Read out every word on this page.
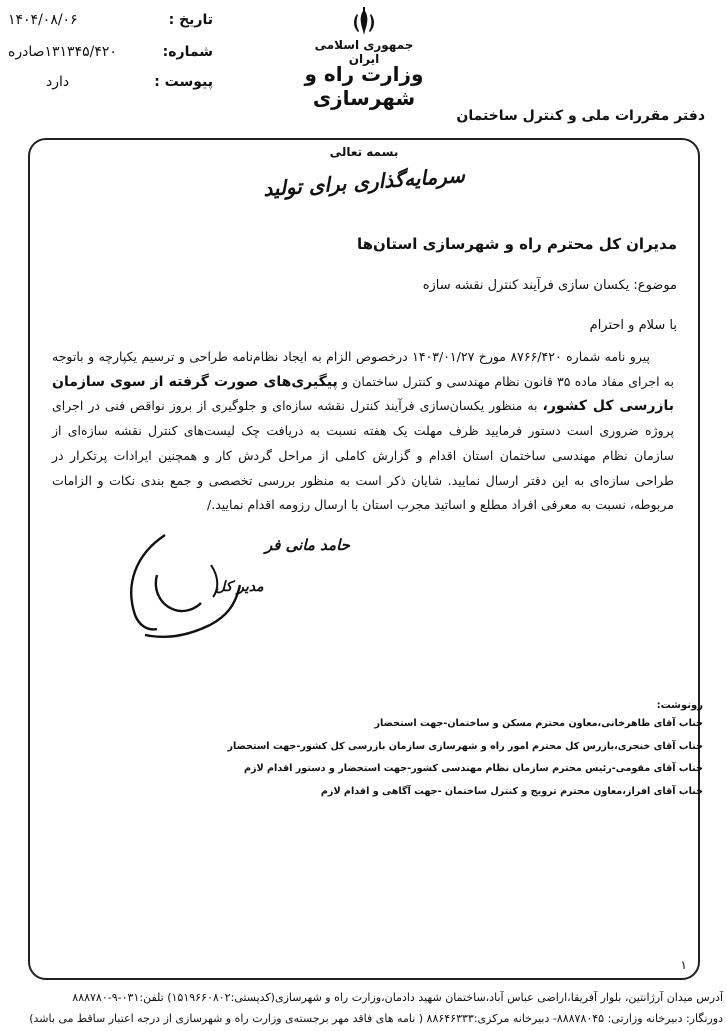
تاریخ :
۱۴۰۴/۰۸/۰۶
شماره:
۱۳۱۳۴۵/۴۲۰صادره
پیوست :
دارد
جمهوری اسلامی ایران
وزارت راه و شهرسازی
دفتر مقررات ملی و کنترل ساختمان
بسمه تعالی
سرمایه‌گذاری برای تولید
مدیران کل محترم راه و شهرسازی استان‌ها
موضوع: یکسان سازی فرآیند کنترل نقشه سازه
با سلام و احترام

پیرو نامه شماره ۸۷۶۶/۴۲۰ مورخ ۱۴۰۳/۰۱/۲۷ درخصوص الزام به ایجاد نظام‌نامه طراحی و ترسیم یکپارچه و باتوجه به اجرای مفاد ماده ۳۵ قانون نظام مهندسی و کنترل ساختمان و پیگیری‌های صورت گرفته از سوی سازمان بازرسی کل کشور، به منظور یکسان‌سازی فرآیند کنترل نقشه سازه‌ای و جلوگیری از بروز نواقص فنی در اجرای پروژه ضروری است دستور فرمایید ظرف مهلت یک هفته نسبت به دریافت چک لیست‌های کنترل نقشه سازه‌ای از سازمان نظام مهندسی ساختمان استان اقدام و گزارش کاملی از مراحل گردش کار و همچنین ایرادات پرتکرار در طراحی سازه‌ای به این دفتر ارسال نمایید. شایان ذکر است به منظور بررسی تخصصی و جمع بندی نکات و الزامات مربوطه، نسبت به معرفی افراد مطلع و اساتید مجرب استان با ارسال رزومه اقدام نمایید./

حامد مانی فر
مدیر کل
رونوشت:
جناب آقای طاهرخانی،معاون محترم مسکن و ساختمان-جهت استحضار
جناب آقای خنجری،بازرس کل محترم امور راه و شهرسازی سازمان بازرسی کل کشور-جهت استحضار
جناب آقای مقومی-رئیس محترم سازمان نظام مهندسی کشور-جهت استحضار و دستور اقدام لازم
جناب آقای افراز،معاون محترم ترویج و کنترل ساختمان -جهت آگاهی و اقدام لازم
۱
آدرس میدان آرژانتین، بلوار آفریقا،اراضی عباس آباد،ساختمان شهید دادمان،وزارت راه و شهرسازی(کدپستی:۱۵۱۹۶۶۰۸۰۲) تلفن:۰۳۱-۹-۸۸۸۷۸۰
دورنگار: دبیرخانه وزارتی: ۸۸۸۷۸۰۴۵- دبیرخانه مرکزی:۸۸۶۴۶۳۳۳ ( نامه های فاقد مهر برجسته‌ی وزارت راه و شهرسازی از درجه اعتبار ساقط می باشد)
